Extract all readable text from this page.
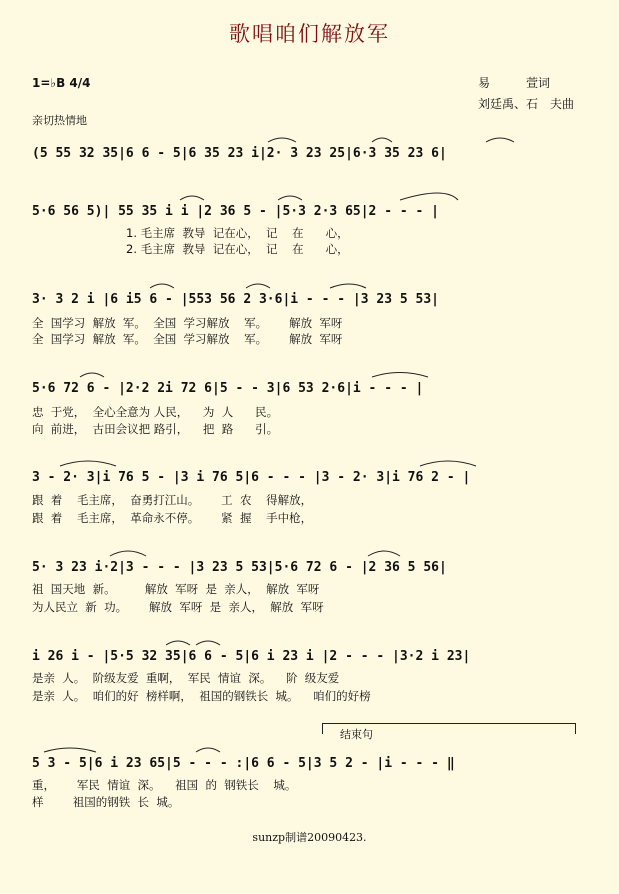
歌唱咱们解放军
1=♭B 4/4	易　　　萱词
刘廷禹、石　夫曲
亲切热情地
(5 55 32 35|6 6 - 5|6 35 23 i|2· 3 23 25|6·3 35 23 6|
5·6 56 5)| 55 35 i i |2 36 5 - |5·3 2·3 65|2 - - - |
1. 毛主席  教导  记在心，  记    在      心，
2. 毛主席  教导  记在心，  记    在      心，
3· 3 2 i |6 i5 6 - |553 56 2 3·6|i - - - |3 23 5 53|
全  国学习  解放  军。  全国  学习解放    军。      解放  军呀
全  国学习  解放  军。  全国  学习解放    军。      解放  军呀
5·6 72 6 - |2·2 2i 72 6|5 - - 3|6 53 2·6|i - - - |
忠  于党，  全心全意为 人民，    为  人      民。
向  前进，  古田会议把 路引，    把  路      引。
3 - 2· 3|i 76 5 - |3 i 76 5|6 - - - |3 - 2· 3|i 76 2 - |
跟  着    毛主席，  奋勇打江山。      工  农    得解放，
跟  着    毛主席，  革命永不停。      紧  握    手中枪，
5· 3 23 i·2|3 - - - |3 23 5 53|5·6 72 6 - |2 36 5 56|
祖  国天地  新。        解放  军呀  是  亲人，  解放  军呀
为人民立  新  功。      解放  军呀  是  亲人，  解放  军呀
i 26 i - |5·5 32 35|6 6 - 5|6 i 23 i |2 - - - |3·2 i 23|
是亲  人。  阶级友爱  重啊，  军民  情谊  深。    阶  级友爱
是亲  人。  咱们的好  榜样啊，  祖国的钢铁长  城。    咱们的好榜
结束句
5 3 - 5|6 i 23 65|5 - - - :|6 6 - 5|3 5 2 - |i - - - ‖
重，      军民  情谊  深。    祖国  的  钢铁长    城。
样        祖国的钢铁  长  城。
sunzp制谱20090423.
